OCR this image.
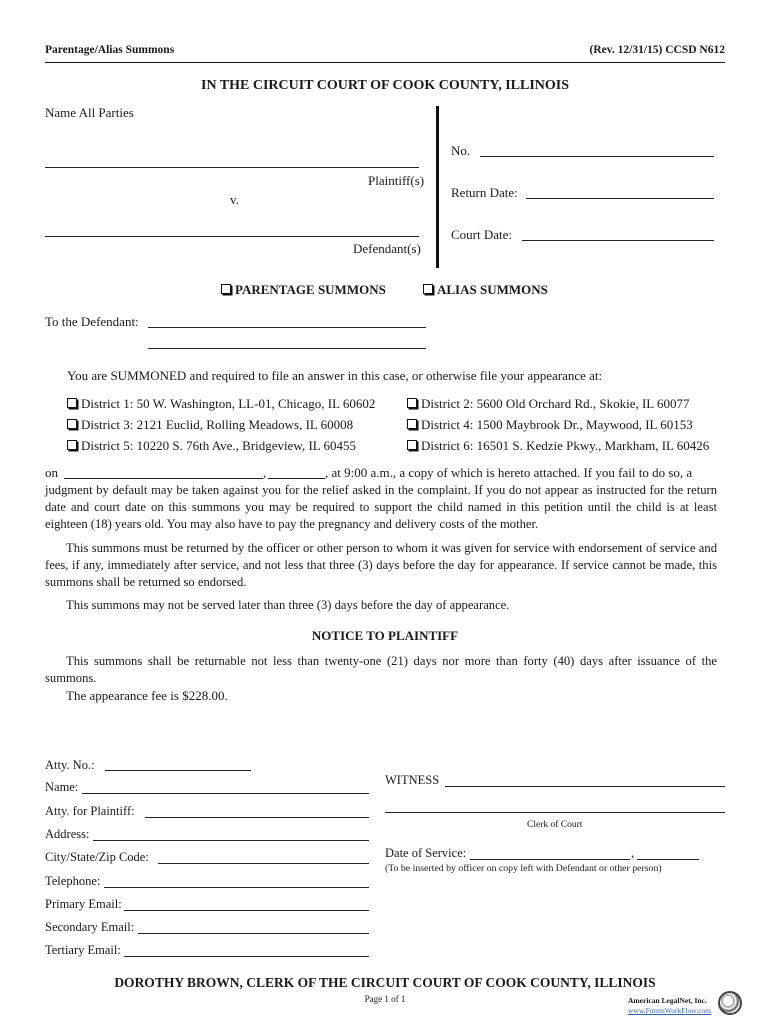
Parentage/Alias Summons	(Rev. 12/31/15) CCSD N612
IN THE CIRCUIT COURT OF COOK COUNTY, ILLINOIS
Name All Parties
Plaintiff(s)
v.
Defendant(s)
No.
Return Date:
Court Date:
PARENTAGE SUMMONS	ALIAS SUMMONS
To the Defendant:
You are SUMMONED and required to file an answer in this case, or otherwise file your appearance at:
District 1: 50 W. Washington, LL-01, Chicago, IL 60602	District 2: 5600 Old Orchard Rd., Skokie, IL 60077
District 3: 2121 Euclid, Rolling Meadows, IL 60008	District 4: 1500 Maybrook Dr., Maywood, IL 60153
District 5: 10220 S. 76th Ave., Bridgeview, IL 60455	District 6: 16501 S. Kedzie Pkwy., Markham, IL 60426
on	,	, at 9:00 a.m., a copy of which is hereto attached. If you fail to do so, a

judgment by default may be taken against you for the relief asked in the complaint. If you do not appear as instructed for the return date and court date on this summons you may be required to support the child named in this petition until the child is at least eighteen (18) years old. You may also have to pay the pregnancy and delivery costs of the mother.

This summons must be returned by the officer or other person to whom it was given for service with endorsement of service and fees, if any, immediately after service, and not less that three (3) days before the day for appearance. If service cannot be made, this summons shall be returned so endorsed.

This summons may not be served later than three (3) days before the day of appearance.

NOTICE TO PLAINTIFF

This summons shall be returnable not less than twenty-one (21) days nor more than forty (40) days after issuance of the summons.

The appearance fee is $228.00.
Atty. No.:
Name:
Atty. for Plaintiff:
Address:
City/State/Zip Code:
Telephone:
Primary Email:
Secondary Email:
Tertiary Email:
WITNESS
Clerk of Court
Date of Service:	,
(To be inserted by officer on copy left with Defendant or other person)
DOROTHY BROWN, CLERK OF THE CIRCUIT COURT OF COOK COUNTY, ILLINOIS
Page 1 of 1	American LegalNet, Inc.
www.FormsWorkFlow.com
